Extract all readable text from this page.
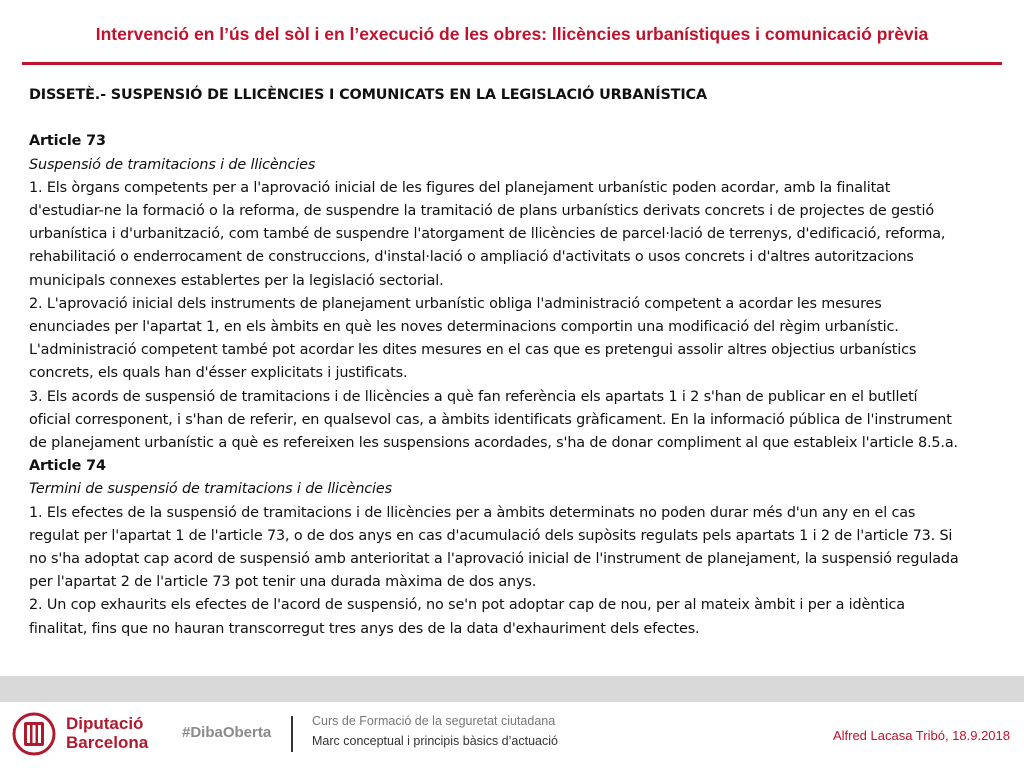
Intervenció en l’ús del sòl i en l’execució de les obres: llicències urbanístiques i comunicació prèvia

DISSETÈ.- SUSPENSIÓ DE LLICÈNCIES I COMUNICATS EN LA LEGISLACIÓ URBANÍSTICA

Article 73

Suspensió de tramitacions i de llicències

1. Els òrgans competents per a l'aprovació inicial de les figures del planejament urbanístic poden acordar, amb la finalitat d'estudiar-ne la formació o la reforma, de suspendre la tramitació de plans urbanístics derivats concrets i de projectes de gestió urbanística i d'urbanització, com també de suspendre l'atorgament de llicències de parcel·lació de terrenys, d'edificació, reforma, rehabilitació o enderrocament de construccions, d'instal·lació o ampliació d'activitats o usos concrets i d'altres autoritzacions municipals connexes establertes per la legislació sectorial.

2. L'aprovació inicial dels instruments de planejament urbanístic obliga l'administració competent a acordar les mesures enunciades per l'apartat 1, en els àmbits en què les noves determinacions comportin una modificació del règim urbanístic. L'administració competent també pot acordar les dites mesures en el cas que es pretengui assolir altres objectius urbanístics concrets, els quals han d'ésser explicitats i justificats.

3. Els acords de suspensió de tramitacions i de llicències a què fan referència els apartats 1 i 2 s'han de publicar en el butlletí oficial corresponent, i s'han de referir, en qualsevol cas, a àmbits identificats gràficament. En la informació pública de l'instrument de planejament urbanístic a què es refereixen les suspensions acordades, s'ha de donar compliment al que estableix l'article 8.5.a.

Article 74

Termini de suspensió de tramitacions i de llicències

1. Els efectes de la suspensió de tramitacions i de llicències per a àmbits determinats no poden durar més d'un any en el cas regulat per l'apartat 1 de l'article 73, o de dos anys en cas d'acumulació dels supòsits regulats pels apartats 1 i 2 de l'article 73. Si no s'ha adoptat cap acord de suspensió amb anterioritat a l'aprovació inicial de l'instrument de planejament, la suspensió regulada per l'apartat 2 de l'article 73 pot tenir una durada màxima de dos anys.

2. Un cop exhaurits els efectes de l'acord de suspensió, no se'n pot adoptar cap de nou, per al mateix àmbit i per a idèntica finalitat, fins que no hauran transcorregut tres anys des de la data d'exhauriment dels efectes.

Diputació
Barcelona
#DibaOberta
Curs de Formació de la seguretat ciutadana
Marc conceptual i principis bàsics d’actuació	Alfred Lacasa Tribó, 18.9.2018
